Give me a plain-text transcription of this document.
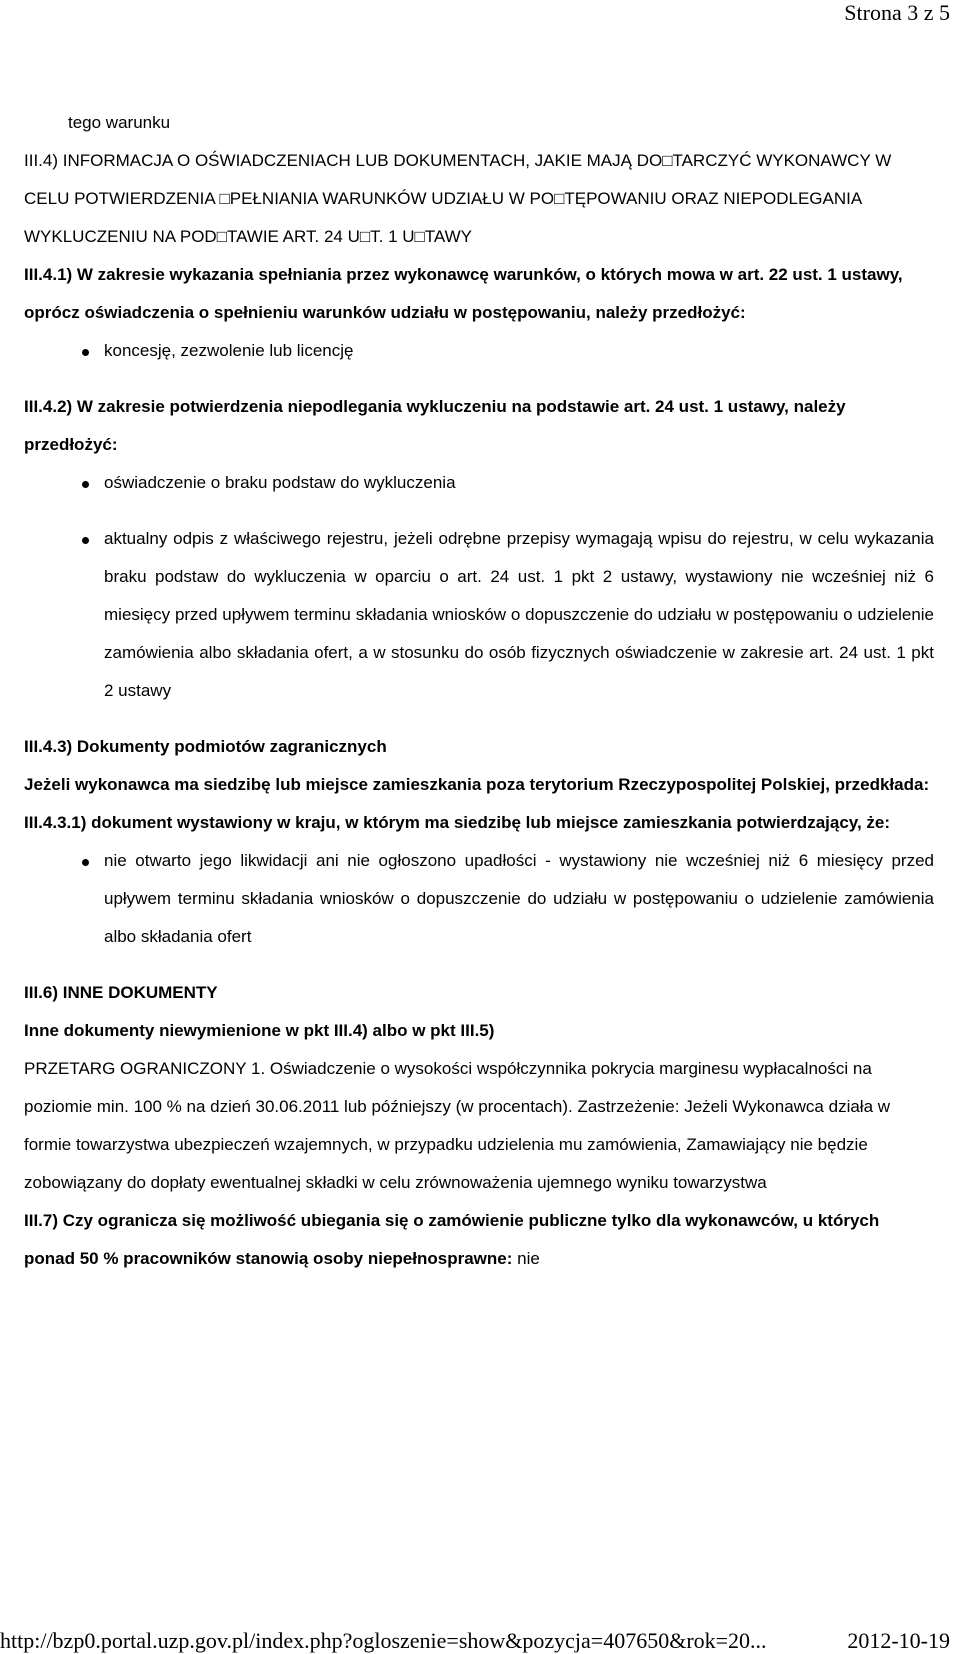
Strona 3 z 5

tego warunku

III.4) INFORMACJA O OŚWIADCZENIACH LUB DOKUMENTACH, JAKIE MAJĄ DO□TARCZYĆ WYKONAWCY W CELU POTWIERDZENIA □PEŁNIANIA WARUNKÓW UDZIAŁU W PO□TĘPOWANIU ORAZ NIEPODLEGANIA WYKLUCZENIU NA POD□TAWIE ART. 24 U□T. 1 U□TAWY

III.4.1) W zakresie wykazania spełniania przez wykonawcę warunków, o których mowa w art. 22 ust. 1 ustawy, oprócz oświadczenia o spełnieniu warunków udziału w postępowaniu, należy przedłożyć:

koncesję, zezwolenie lub licencję

III.4.2) W zakresie potwierdzenia niepodlegania wykluczeniu na podstawie art. 24 ust. 1 ustawy, należy przedłożyć:

oświadczenie o braku podstaw do wykluczenia
aktualny odpis z właściwego rejestru, jeżeli odrębne przepisy wymagają wpisu do rejestru, w celu wykazania braku podstaw do wykluczenia w oparciu o art. 24 ust. 1 pkt 2 ustawy, wystawiony nie wcześniej niż 6 miesięcy przed upływem terminu składania wniosków o dopuszczenie do udziału w postępowaniu o udzielenie zamówienia albo składania ofert, a w stosunku do osób fizycznych oświadczenie w zakresie art. 24 ust. 1 pkt 2 ustawy

III.4.3) Dokumenty podmiotów zagranicznych

Jeżeli wykonawca ma siedzibę lub miejsce zamieszkania poza terytorium Rzeczypospolitej Polskiej, przedkłada:

III.4.3.1) dokument wystawiony w kraju, w którym ma siedzibę lub miejsce zamieszkania potwierdzający, że:

nie otwarto jego likwidacji ani nie ogłoszono upadłości - wystawiony nie wcześniej niż 6 miesięcy przed upływem terminu składania wniosków o dopuszczenie do udziału w postępowaniu o udzielenie zamówienia albo składania ofert

III.6) INNE DOKUMENTY

Inne dokumenty niewymienione w pkt III.4) albo w pkt III.5)

PRZETARG OGRANICZONY 1. Oświadczenie o wysokości współczynnika pokrycia marginesu wypłacalności na poziomie min. 100 % na dzień 30.06.2011 lub późniejszy (w procentach). Zastrzeżenie: Jeżeli Wykonawca działa w formie towarzystwa ubezpieczeń wzajemnych, w przypadku udzielenia mu zamówienia, Zamawiający nie będzie zobowiązany do dopłaty ewentualnej składki w celu zrównoważenia ujemnego wyniku towarzystwa

III.7) Czy ogranicza się możliwość ubiegania się o zamówienie publiczne tylko dla wykonawców, u których ponad 50 % pracowników stanowią osoby niepełnosprawne: nie

http://bzp0.portal.uzp.gov.pl/index.php?ogloszenie=show&pozycja=407650&rok=20...	2012-10-19
